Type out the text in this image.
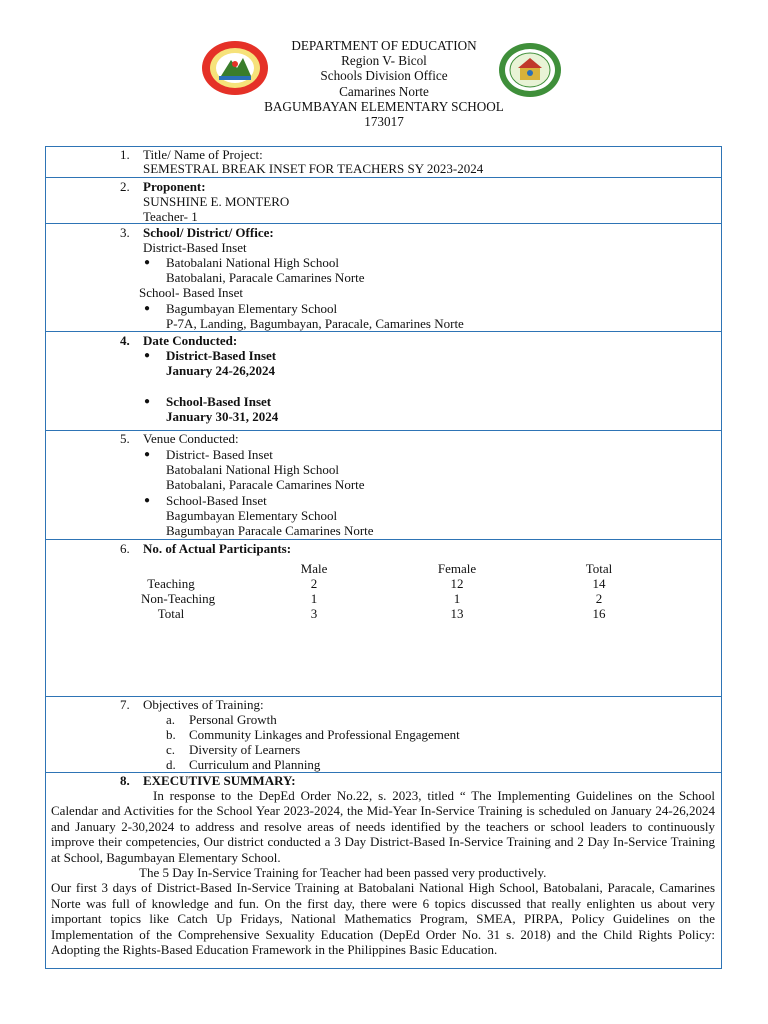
DEPARTMENT OF EDUCATION
Region V- Bicol
Schools Division Office
Camarines Norte
BAGUMBAYAN ELEMENTARY SCHOOL
173017
1. Title/ Name of Project:
SEMESTRAL BREAK INSET FOR TEACHERS SY 2023-2024
2. Proponent:
SUNSHINE E. MONTERO
Teacher- 1
3. School/ District/ Office:
District-Based Inset
● Batobalani National High School
Batobalani, Paracale Camarines Norte
School- Based Inset
● Bagumbayan Elementary School
P-7A, Landing, Bagumbayan, Paracale, Camarines Norte
4. Date Conducted:
● District-Based Inset
January 24-26,2024
● School-Based Inset
January 30-31, 2024
5. Venue Conducted:
● District- Based Inset
Batobalani National High School
Batobalani, Paracale Camarines Norte
● School-Based Inset
Bagumbayan Elementary School
Bagumbayan Paracale Camarines Norte
6. No. of Actual Participants:
Male	Female	Total
Teaching	2	12	14
Non-Teaching	1	1	2
Total	3	13	16
7. Objectives of Training:
a. Personal Growth
b. Community Linkages and Professional Engagement
c. Diversity of Learners
d. Curriculum and Planning
8. EXECUTIVE SUMMARY:

In response to the DepEd Order No.22, s. 2023, titled “ The Implementing Guidelines on the School Calendar and Activities for the School Year 2023-2024, the Mid-Year In-Service Training is scheduled on January 24-26,2024 and January 2-30,2024 to address and resolve areas of needs identified by the teachers or school leaders to continuously improve their competencies, Our district conducted a 3 Day District-Based In-Service Training and 2 Day In-Service Training at School, Bagumbayan Elementary School.

The 5 Day In-Service Training for Teacher had been passed very productively.

Our first 3 days of District-Based In-Service Training at Batobalani National High School, Batobalani, Paracale, Camarines Norte was full of knowledge and fun. On the first day, there were 6 topics discussed that really enlighten us about very important topics like Catch Up Fridays, National Mathematics Program, SMEA, PIRPA, Policy Guidelines on the Implementation of the Comprehensive Sexuality Education (DepEd Order No. 31 s. 2018) and the Child Rights Policy: Adopting the Rights-Based Education Framework in the Philippines Basic Education.
